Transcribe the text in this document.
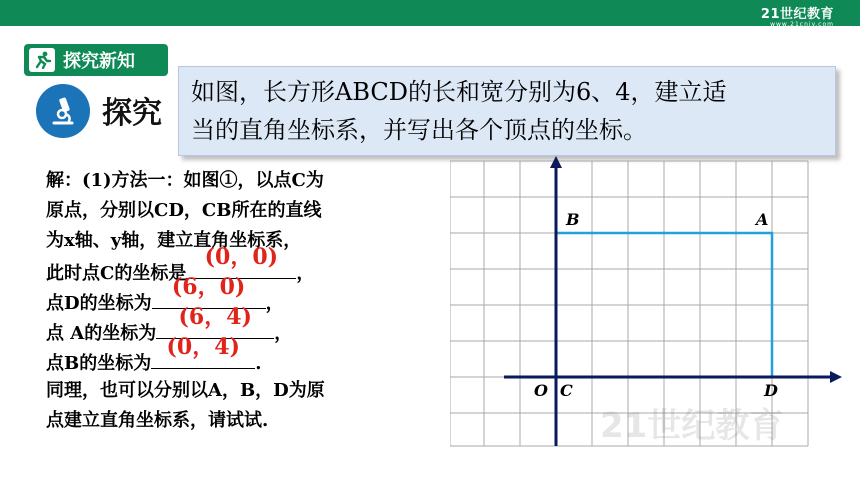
21世纪教育
www.21cnjy.com
探究新知
探究
如图，长方形ABCD的长和宽分别为6、4，建立适
当的直角坐标系，并写出各个顶点的坐标。
解：(1)方法一：如图①，以点C为
原点，分别以CD，CB所在的直线
为x轴、y轴，建立直角坐标系，
此时点C的坐标是
(0，0)
，
点D的坐标为
(6，0)
，
点 A的坐标为
(6，4)
，
点B的坐标为
(0，4)
.
同理，也可以分别以A，B，D为原
点建立直角坐标系，请试试.
B	A
O C	D
21世纪教育
